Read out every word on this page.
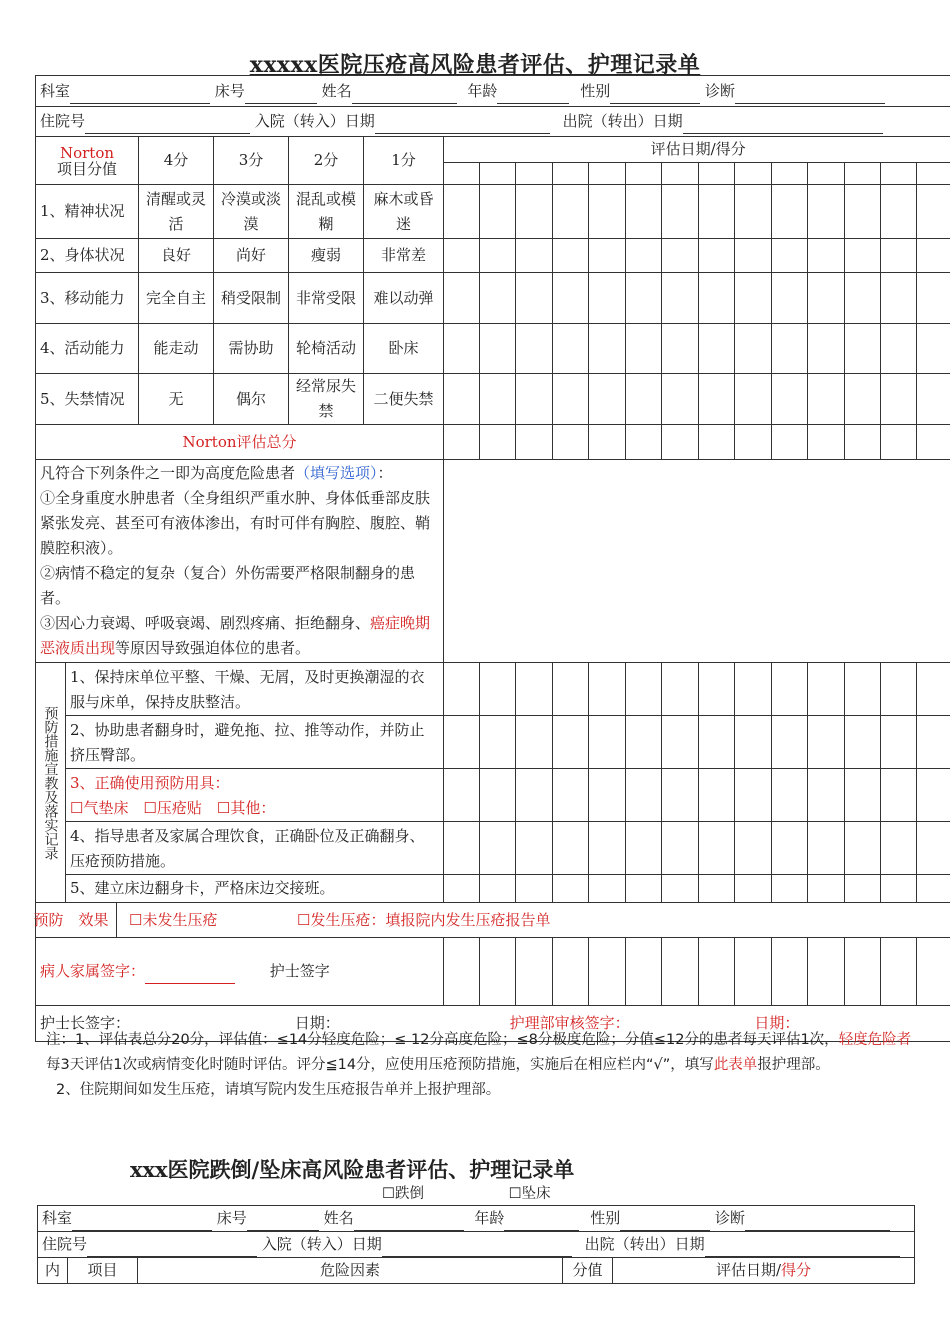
xxxxx医院压疮高风险患者评估、护理记录单
科室 床号 姓名 年龄 性别 诊断																			
住院号 入院（转入）日期 出院（转出）日期																			
Norton
项目分值		4分	3分	2分	1分	评估日期/得分													

1、精神状况		清醒或灵活	冷漠或淡漠	混乱或模糊	麻木或昏迷														
2、身体状况		良好	尚好	瘦弱	非常差														
3、移动能力		完全自主	稍受限制	非常受限	难以动弹														
4、活动能力		能走动	需协助	轮椅活动	卧床														
5、失禁情况		无	偶尔	经常尿失禁	二便失禁														
Norton评估总分																			
凡符合下列条件之一即为高度危险患者（填写选项）：
①全身重度水肿患者（全身组织严重水肿、身体低垂部皮肤紧张发亮、甚至可有液体渗出，有时可伴有胸腔、腹腔、鞘膜腔积液）。
②病情不稳定的复杂（复合）外伤需要严格限制翻身的患者。
③因心力衰竭、呼吸衰竭、剧烈疼痛、拒绝翻身、癌症晚期恶液质出现等原因导致强迫体位的患者。																			

预防措施宣教及落实记录	1、保持床单位平整、干燥、无屑，及时更换潮湿的衣服与床单，保持皮肤整洁。																		
	2、协助患者翻身时，避免拖、拉、推等动作，并防止挤压臀部。																		
	3、正确使用预防用具：
☐气垫床　☐压疮贴　☐其他：																		
	4、指导患者及家属合理饮食，正确卧位及正确翻身、压疮预防措施。																		
	5、建立床边翻身卡，严格床边交接班。																		

预防　效果 ☐未发生压疮 ☐发生压疮：填报院内发生压疮报告单																			

病人家属签字： 护士签字																			
护士长签字： 日期： 护理部审核签字： 日期：																			
注：1、评估表总分20分，评估值：≤14分轻度危险；≤ 12分高度危险；≤8分极度危险；分值≤12分的患者每天评估1次，轻度危险者每3天评估1次或病情变化时随时评估。评分≦14分，应使用压疮预防措施，实施后在相应栏内“√”，填写此表单报护理部。
2、住院期间如发生压疮，请填写院内发生压疮报告单并上报护理部。
xxx医院跌倒/坠床高风险患者评估、护理记录单
☐跌倒	☐坠床
科室	床号	姓名	年龄	性别	诊断
住院号	入院（转入）日期	出院（转出）日期
内	项目	危险因素	分值	评估日期/得分
